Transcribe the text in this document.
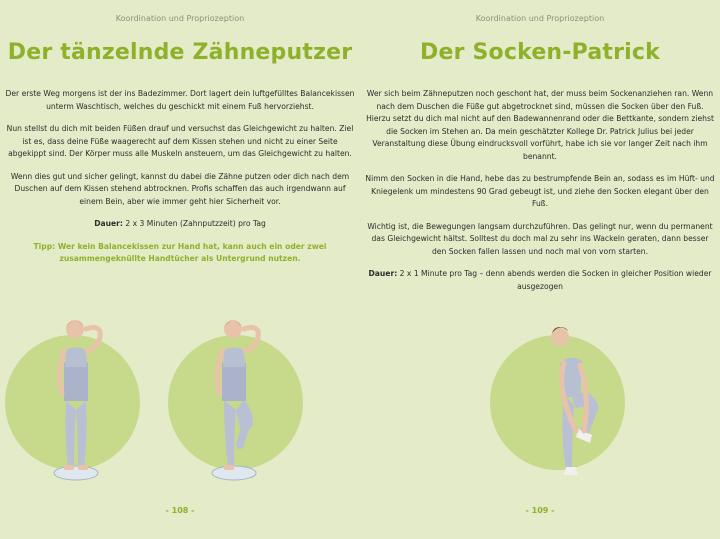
Koordination und Propriozeption
Der tänzelnde Zähneputzer

Der erste Weg morgens ist der ins Badezimmer. Dort lagert dein luftgefülltes Balancekissen unterm Waschtisch, welches du geschickt mit einem Fuß hervorziehst.

Nun stellst du dich mit beiden Füßen drauf und versuchst das Gleichgewicht zu halten. Ziel ist es, dass deine Füße waagerecht auf dem Kissen stehen und nicht zu einer Seite abgekippt sind. Der Körper muss alle Muskeln ansteuern, um das Gleichgewicht zu halten.

Wenn dies gut und sicher gelingt, kannst du dabei die Zähne putzen oder dich nach dem Duschen auf dem Kissen stehend abtrocknen. Profis schaffen das auch irgendwann auf einem Bein, aber wie immer geht hier Sicherheit vor.

Dauer: 2 x 3 Minuten (Zahnputzzeit) pro Tag

Tipp: Wer kein Balancekissen zur Hand hat, kann auch ein oder zwei zusammengeknüllte Handtücher als Untergrund nutzen.

- 108 -
Koordination und Propriozeption
Der Socken-Patrick

Wer sich beim Zähneputzen noch geschont hat, der muss beim Sockenanziehen ran. Wenn nach dem Duschen die Füße gut abgetrocknet sind, müssen die Socken über den Fuß. Hierzu setzt du dich mal nicht auf den Badewannenrand oder die Bettkante, sondern ziehst die Socken im Stehen an. Da mein geschätzter Kollege Dr. Patrick Julius bei jeder Veranstaltung diese Übung eindrucksvoll vorführt, habe ich sie vor langer Zeit nach ihm benannt.

Nimm den Socken in die Hand, hebe das zu bestrumpfende Bein an, sodass es im Hüft- und Kniegelenk um mindestens 90 Grad gebeugt ist, und ziehe den Socken elegant über den Fuß.

Wichtig ist, die Bewegungen langsam durchzuführen. Das gelingt nur, wenn du permanent das Gleichgewicht hältst. Solltest du doch mal zu sehr ins Wackeln geraten, dann besser den Socken fallen lassen und noch mal von vorn starten.

Dauer: 2 x 1 Minute pro Tag – denn abends werden die Socken in gleicher Position wieder ausgezogen

- 109 -
